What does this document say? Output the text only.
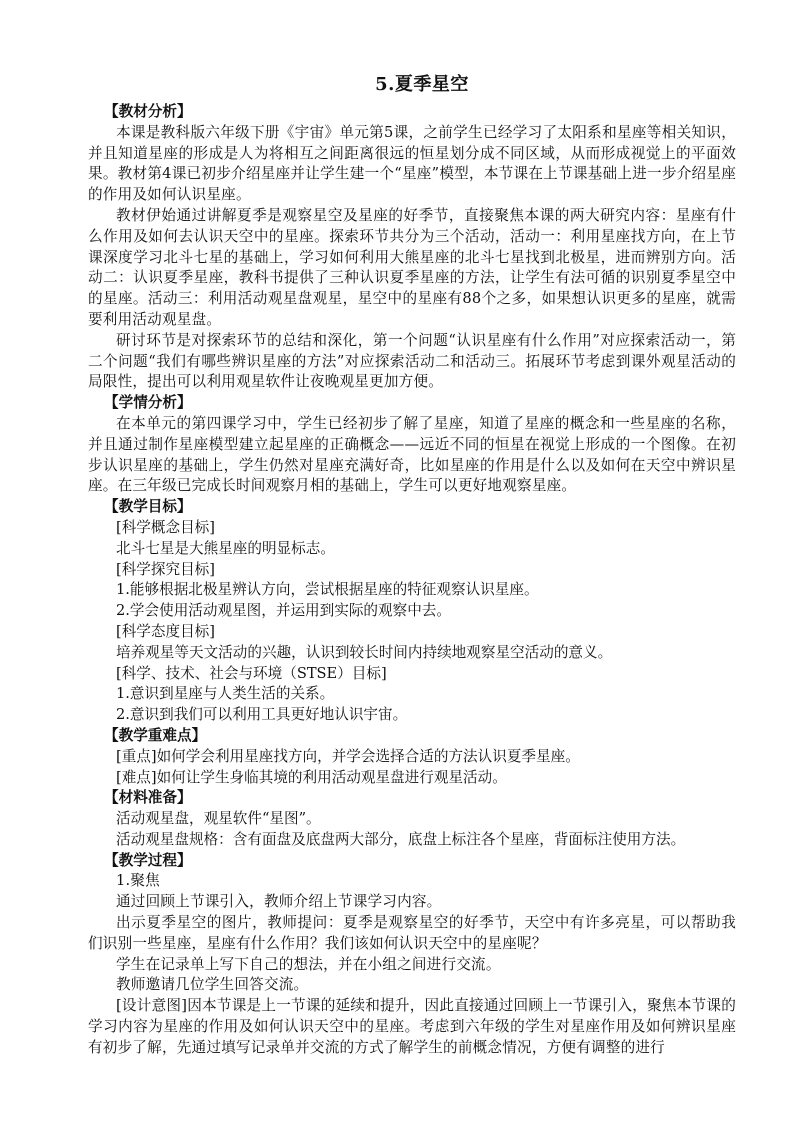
5.夏季星空
【教材分析】

本课是教科版六年级下册《宇宙》单元第5课，之前学生已经学习了太阳系和星座等相关知识，并且知道星座的形成是人为将相互之间距离很远的恒星划分成不同区域，从而形成视觉上的平面效果。教材第4课已初步介绍星座并让学生建一个“星座”模型，本节课在上节课基础上进一步介绍星座的作用及如何认识星座。

教材伊始通过讲解夏季是观察星空及星座的好季节，直接聚焦本课的两大研究内容：星座有什么作用及如何去认识天空中的星座。探索环节共分为三个活动，活动一：利用星座找方向，在上节课深度学习北斗七星的基础上，学习如何利用大熊星座的北斗七星找到北极星，进而辨别方向。活动二：认识夏季星座，教科书提供了三种认识夏季星座的方法，让学生有法可循的识别夏季星空中的星座。活动三：利用活动观星盘观星，星空中的星座有88个之多，如果想认识更多的星座，就需要利用活动观星盘。

研讨环节是对探索环节的总结和深化，第一个问题“认识星座有什么作用”对应探索活动一，第二个问题“我们有哪些辨识星座的方法”对应探索活动二和活动三。拓展环节考虑到课外观星活动的局限性，提出可以利用观星软件让夜晚观星更加方便。

【学情分析】

在本单元的第四课学习中，学生已经初步了解了星座，知道了星座的概念和一些星座的名称，并且通过制作星座模型建立起星座的正确概念——远近不同的恒星在视觉上形成的一个图像。在初步认识星座的基础上，学生仍然对星座充满好奇，比如星座的作用是什么以及如何在天空中辨识星座。在三年级已完成长时间观察月相的基础上，学生可以更好地观察星座。

【教学目标】
[科学概念目标]
北斗七星是大熊星座的明显标志。
[科学探究目标]
1.能够根据北极星辨认方向，尝试根据星座的特征观察认识星座。
2.学会使用活动观星图，并运用到实际的观察中去。
[科学态度目标]
培养观星等天文活动的兴趣，认识到较长时间内持续地观察星空活动的意义。
[科学、技术、社会与环境（STSE）目标]
1.意识到星座与人类生活的关系。
2.意识到我们可以利用工具更好地认识宇宙。
【教学重难点】
[重点]如何学会利用星座找方向，并学会选择合适的方法认识夏季星座。
[难点]如何让学生身临其境的利用活动观星盘进行观星活动。
【材料准备】
活动观星盘，观星软件“星图”。
活动观星盘规格：含有面盘及底盘两大部分，底盘上标注各个星座，背面标注使用方法。
【教学过程】

1.聚焦

通过回顾上节课引入，教师介绍上节课学习内容。

出示夏季星空的图片，教师提问：夏季是观察星空的好季节，天空中有许多亮星，可以帮助我们识别一些星座，星座有什么作用？我们该如何认识天空中的星座呢？

学生在记录单上写下自己的想法，并在小组之间进行交流。

教师邀请几位学生回答交流。

[设计意图]因本节课是上一节课的延续和提升，因此直接通过回顾上一节课引入，聚焦本节课的学习内容为星座的作用及如何认识天空中的星座。考虑到六年级的学生对星座作用及如何辨识星座有初步了解，先通过填写记录单并交流的方式了解学生的前概念情况，方便有调整的进行
